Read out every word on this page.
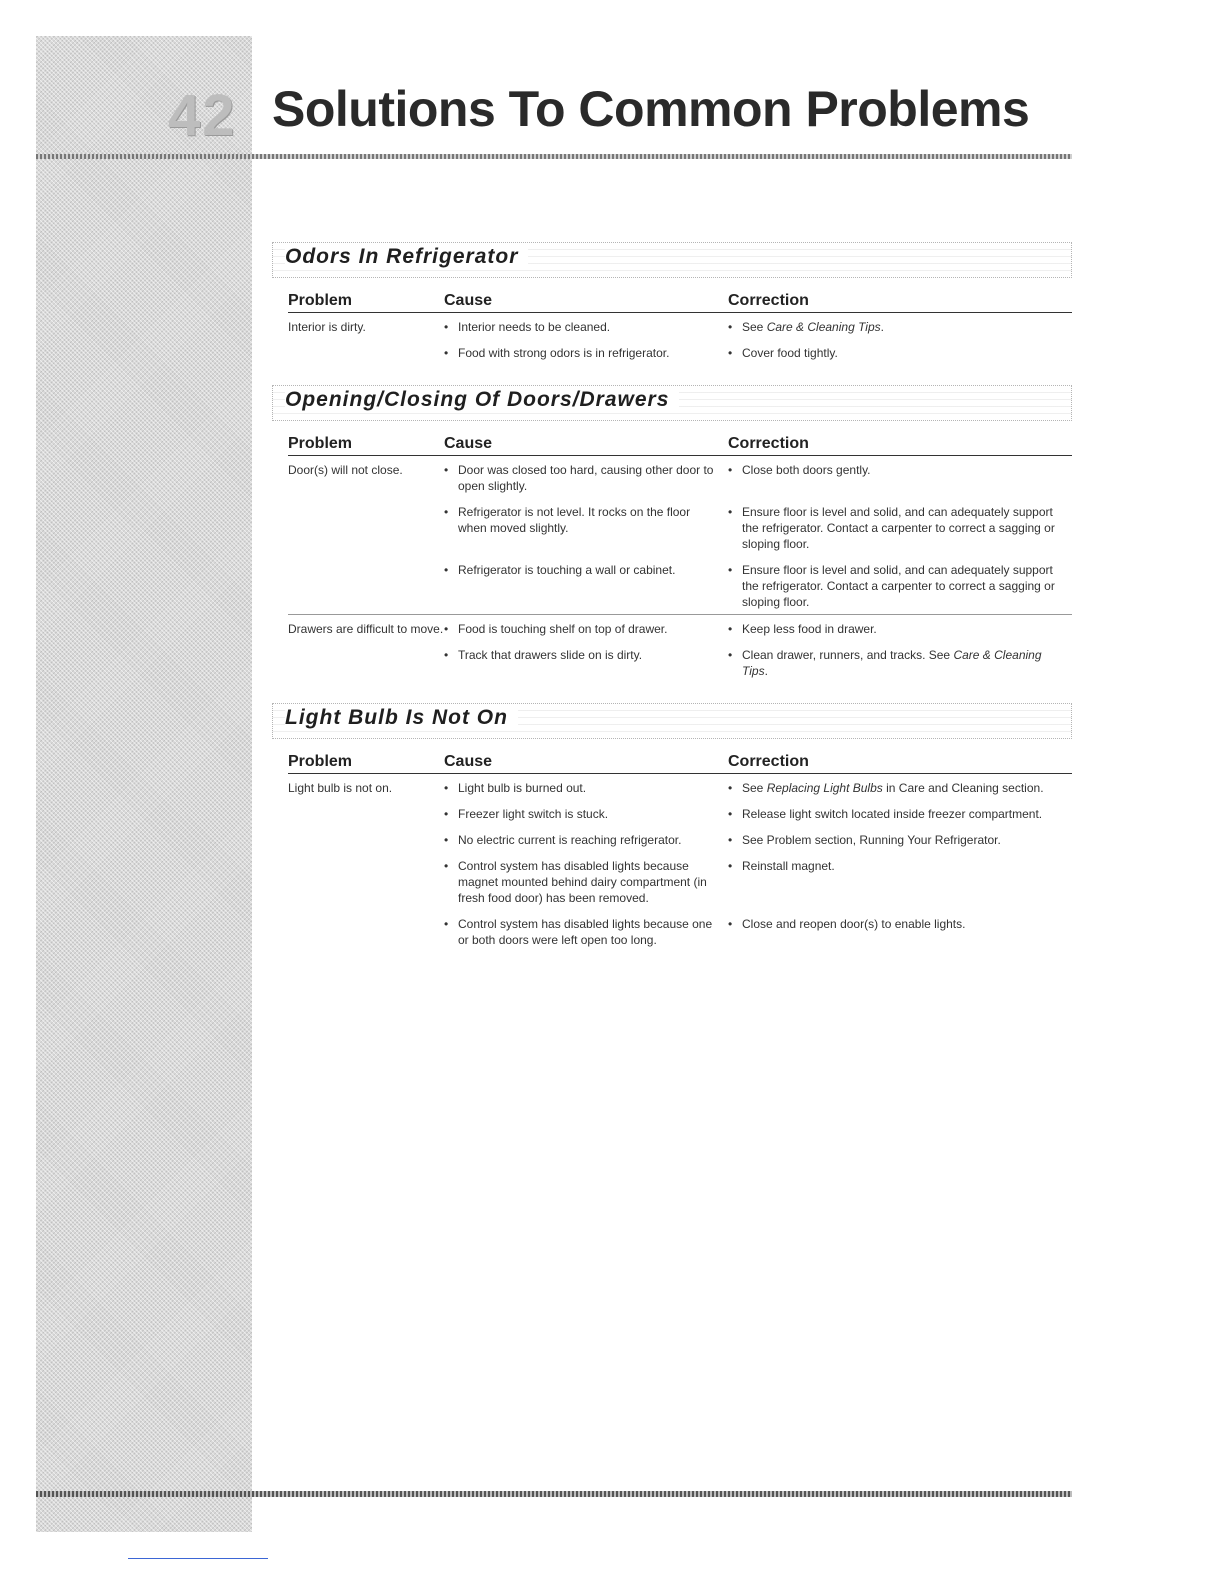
42 Solutions To Common Problems
Odors In Refrigerator
Problem	Cause	Correction
Interior is dirty.	• Interior needs to be cleaned.	• See Care & Cleaning Tips.

	• Food with strong odors is in refrigerator.	• Cover food tightly.
Opening/Closing Of Doors/Drawers
Problem	Cause	Correction
Door(s) will not close.	• Door was closed too hard, causing other door to open slightly.	• Close both doors gently.

	• Refrigerator is not level. It rocks on the floor when moved slightly.	• Ensure floor is level and solid, and can adequately support the refrigerator. Contact a carpenter to correct a sagging or sloping floor.

	• Refrigerator is touching a wall or cabinet.	• Ensure floor is level and solid, and can adequately support the refrigerator. Contact a carpenter to correct a sagging or sloping floor.

Drawers are difficult to move.	• Food is touching shelf on top of drawer.	• Keep less food in drawer.

	• Track that drawers slide on is dirty.	• Clean drawer, runners, and tracks. See Care & Cleaning Tips.
Light Bulb Is Not On
Problem	Cause	Correction
Light bulb is not on.	• Light bulb is burned out.	• See Replacing Light Bulbs in Care and Cleaning section.

	• Freezer light switch is stuck.	• Release light switch located inside freezer compartment.

	• No electric current is reaching refrigerator.	• See Problem section, Running Your Refrigerator.

	• Control system has disabled lights because magnet mounted behind dairy compartment (in fresh food door) has been removed.	• Reinstall magnet.

	• Control system has disabled lights because one or both doors were left open too long.	• Close and reopen door(s) to enable lights.
